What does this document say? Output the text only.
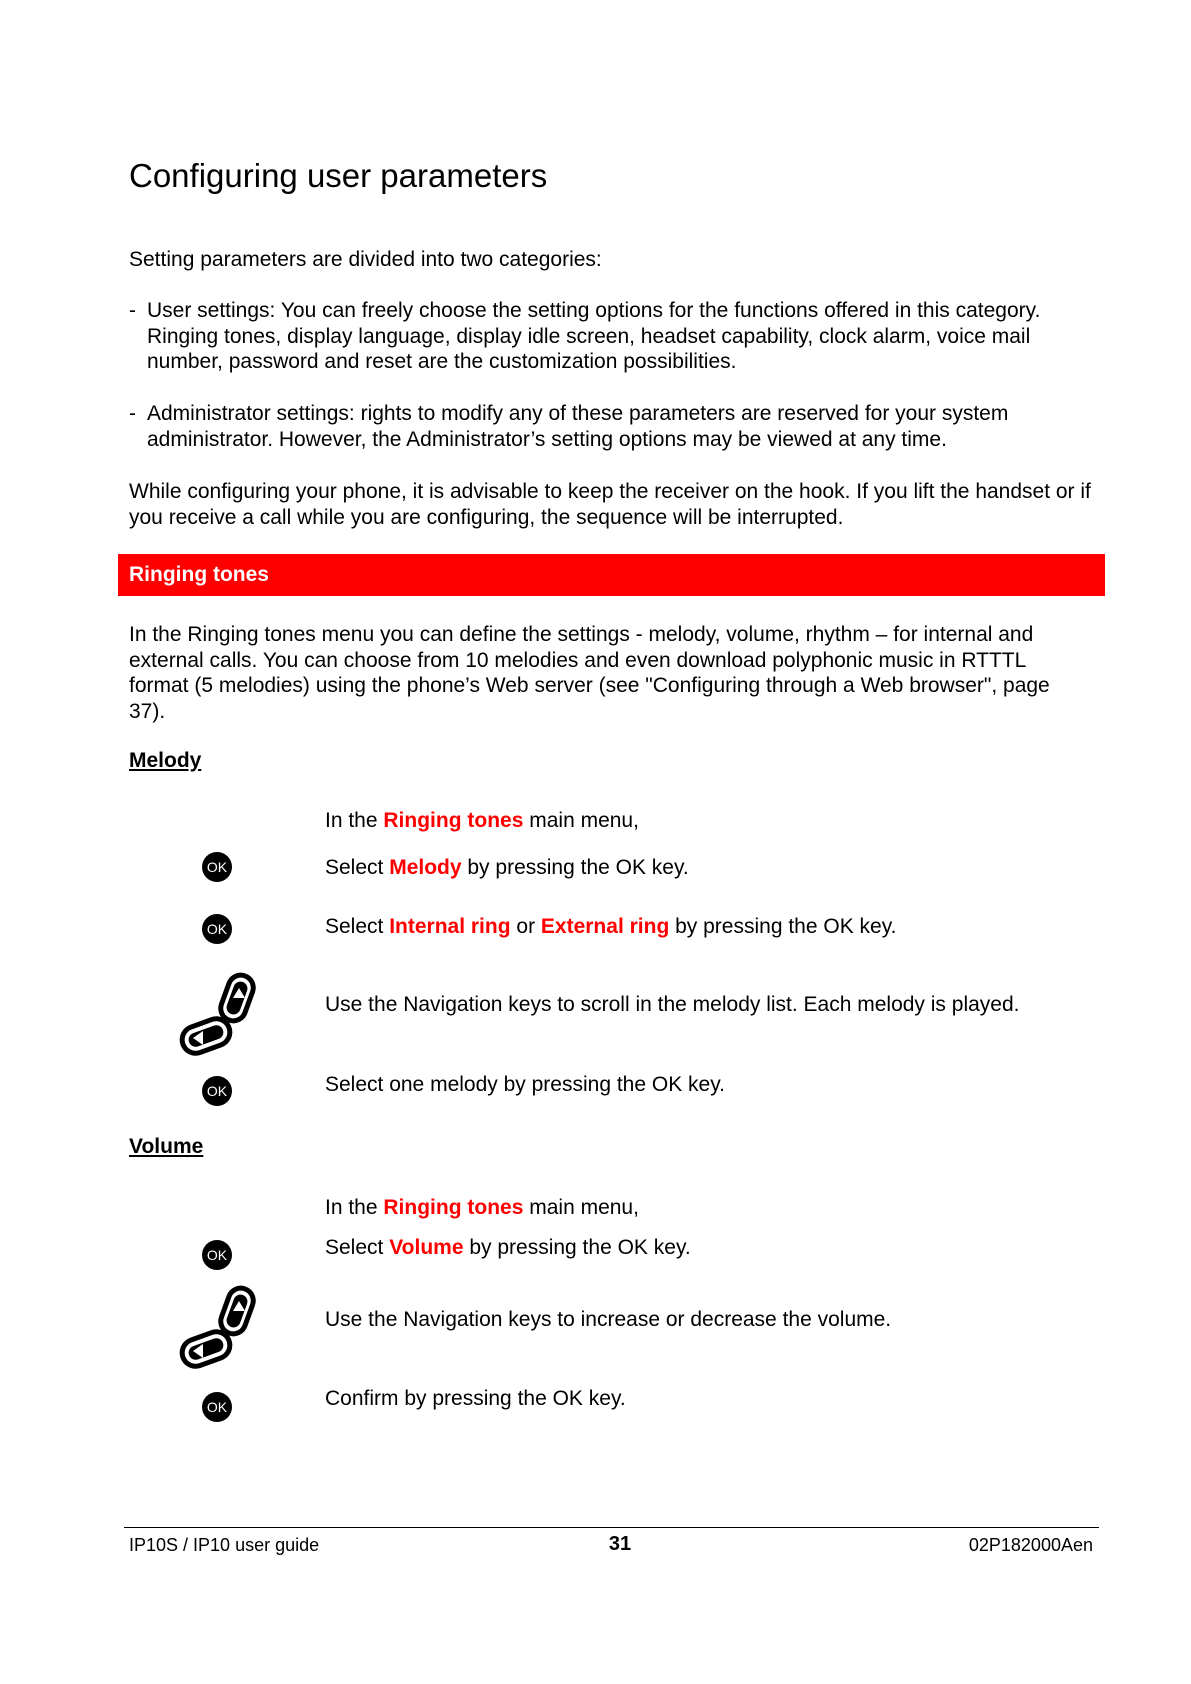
Configuring user parameters
Setting parameters are divided into two categories:
- User settings: You can freely choose the setting options for the functions offered in this category. Ringing tones, display language, display idle screen, headset capability, clock alarm, voice mail number, password and reset are the customization possibilities.
- Administrator settings: rights to modify any of these parameters are reserved for your system administrator. However, the Administrator’s setting options may be viewed at any time.
While configuring your phone, it is advisable to keep the receiver on the hook. If you lift the handset or if you receive a call while you are configuring, the sequence will be interrupted.
Ringing tones
In the Ringing tones menu you can define the settings - melody, volume, rhythm – for internal and external calls. You can choose from 10 melodies and even download polyphonic music in RTTTL format (5 melodies) using the phone’s Web server (see "Configuring through a Web browser", page 37).
Melody
In the Ringing tones main menu,
OK	Select Melody by pressing the OK key.
OK	Select Internal ring or External ring by pressing the OK key.
Use the Navigation keys to scroll in the melody list. Each melody is played.
OK	Select one melody by pressing the OK key.
Volume
In the Ringing tones main menu,
OK	Select Volume by pressing the OK key.
Use the Navigation keys to increase or decrease the volume.
OK	Confirm by pressing the OK key.
IP10S / IP10 user guide	31	02P182000Aen
